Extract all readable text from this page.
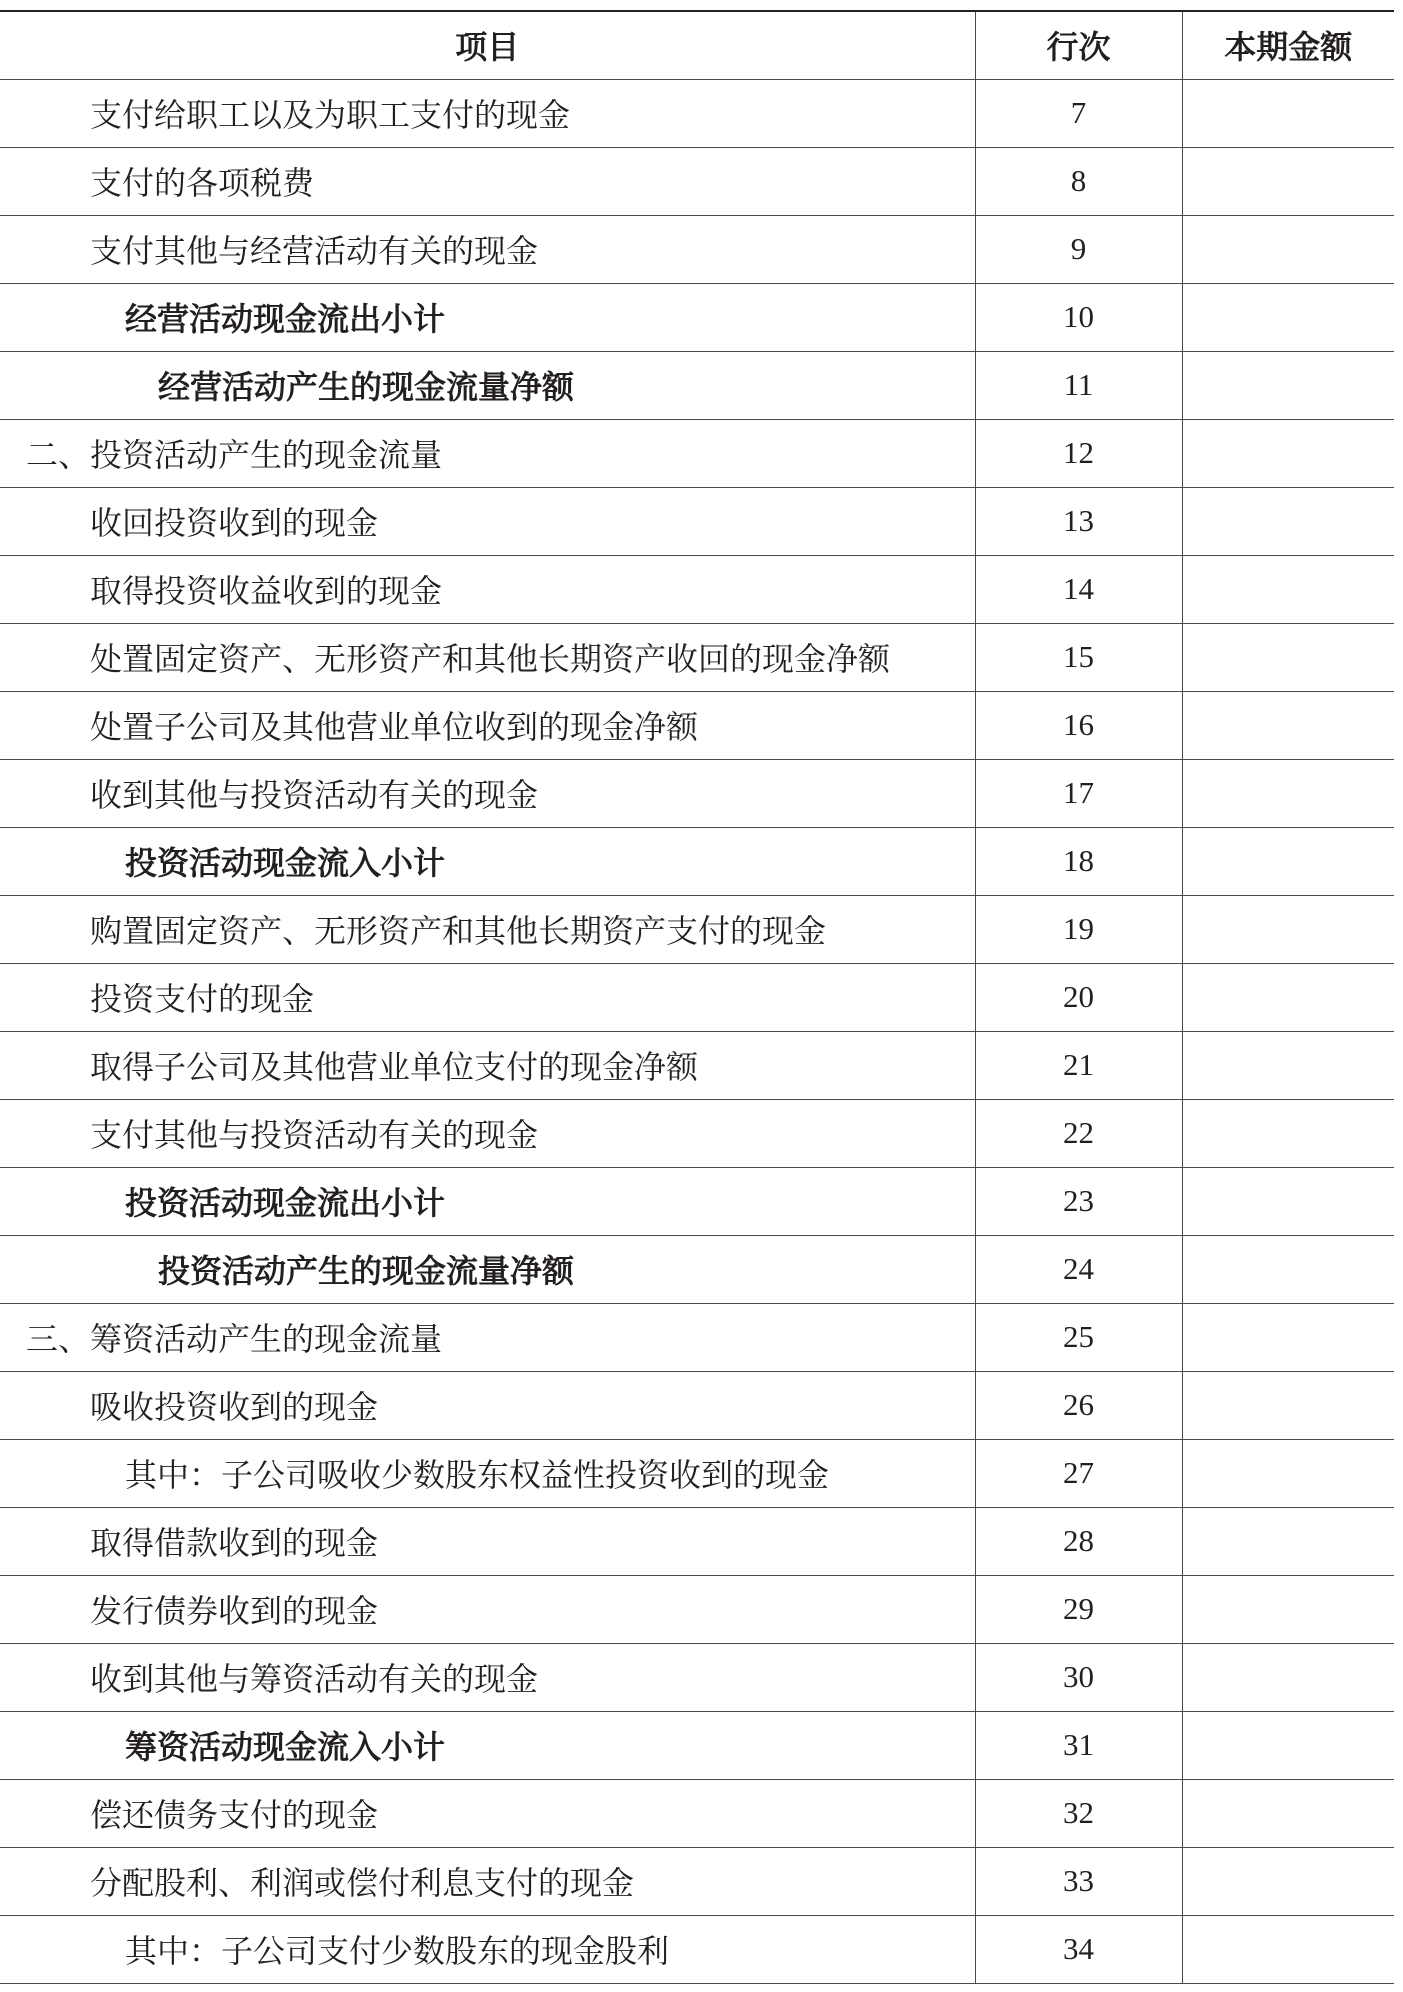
项目	行次	本期金额
支付给职工以及为职工支付的现金	7	
支付的各项税费	8	
支付其他与经营活动有关的现金	9	
经营活动现金流出小计	10	
经营活动产生的现金流量净额	11	
二、投资活动产生的现金流量	12	
收回投资收到的现金	13	
取得投资收益收到的现金	14	
处置固定资产、无形资产和其他长期资产收回的现金净额	15	
处置子公司及其他营业单位收到的现金净额	16	
收到其他与投资活动有关的现金	17	
投资活动现金流入小计	18	
购置固定资产、无形资产和其他长期资产支付的现金	19	
投资支付的现金	20	
取得子公司及其他营业单位支付的现金净额	21	
支付其他与投资活动有关的现金	22	
投资活动现金流出小计	23	
投资活动产生的现金流量净额	24	
三、筹资活动产生的现金流量	25	
吸收投资收到的现金	26	
其中：子公司吸收少数股东权益性投资收到的现金	27	
取得借款收到的现金	28	
发行债券收到的现金	29	
收到其他与筹资活动有关的现金	30	
筹资活动现金流入小计	31	
偿还债务支付的现金	32	
分配股利、利润或偿付利息支付的现金	33	
其中：子公司支付少数股东的现金股利	34	
